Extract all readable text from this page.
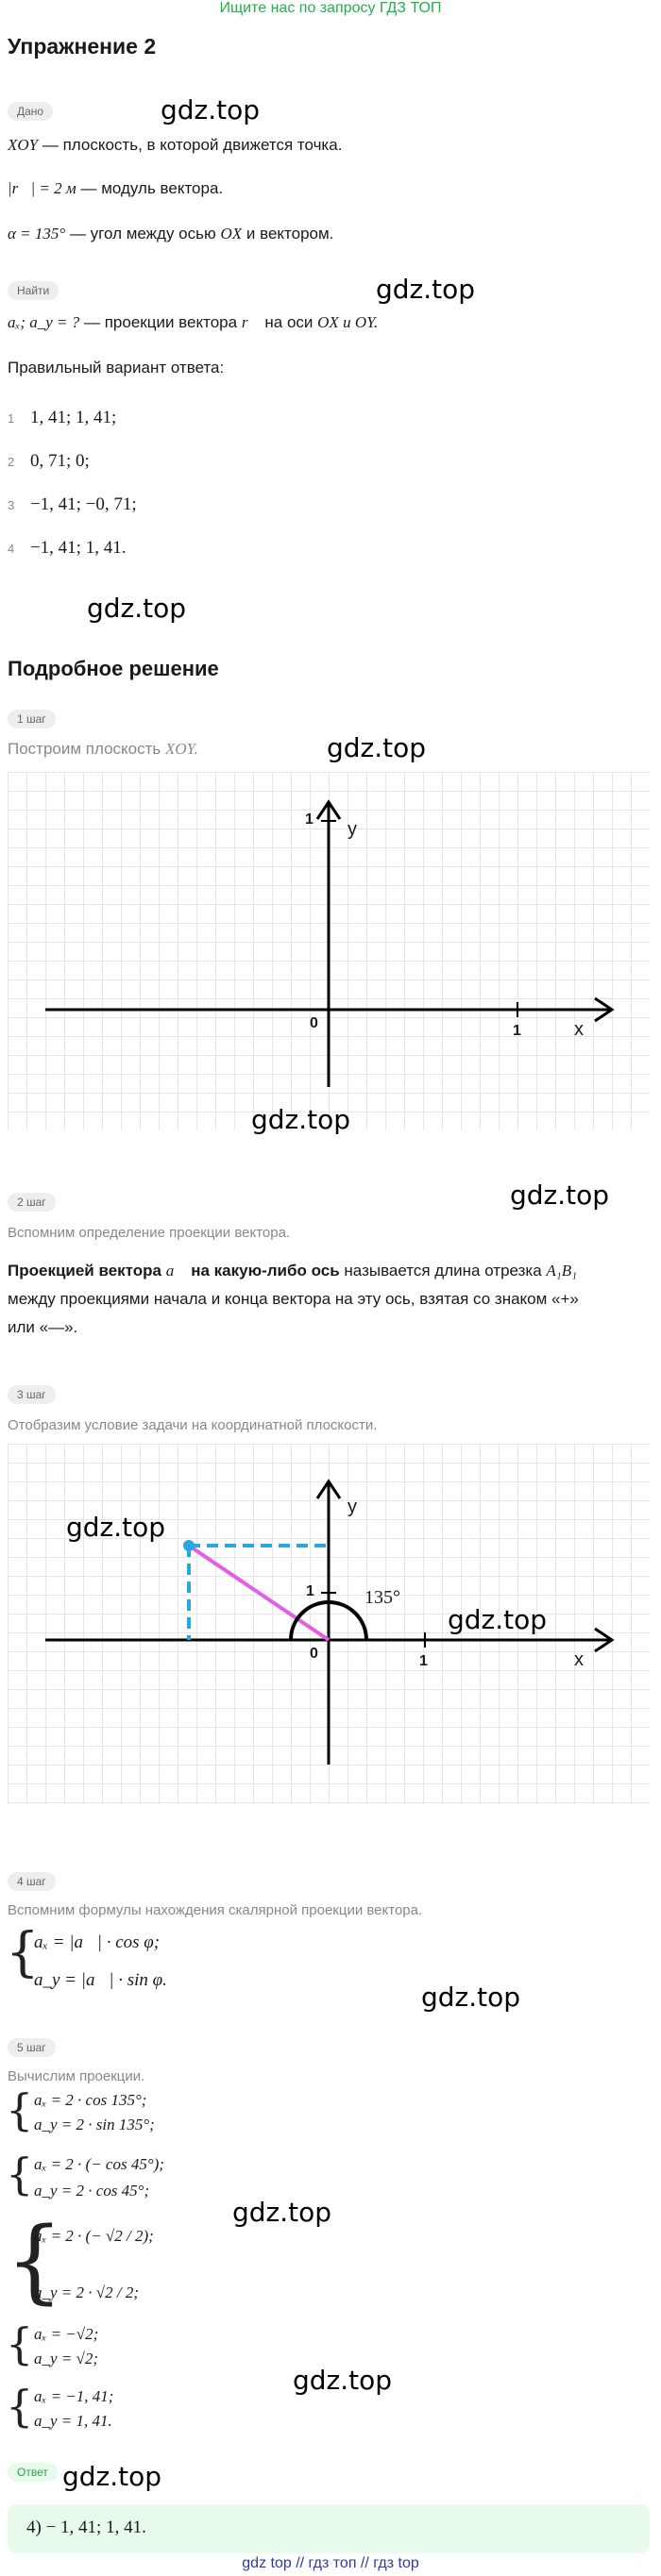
Ищите нас по запросу ГДЗ ТОП
Упражнение 2
Дано	gdz.top
XOY — плоскость, в которой движется точка.
|r⃗| = 2 м — модуль вектора.
α = 135° — угол между осью OX и вектором.
Найти	gdz.top
aₓ; a_y = ? — проекции вектора r⃗ на оси OX и OY.
Правильный вариант ответа:
1 1, 41; 1, 41;
2 0, 71; 0;
3 −1, 41; −0, 71;
4 −1, 41; 1, 41.
gdz.top
Подробное решение
1 шаг
Построим плоскость XOY.	gdz.top
y
x
1
1
0
gdz.top
2 шаг	gdz.top
Вспомним определение проекции вектора.
Проекцией вектора a⃗ на какую-либо ось называется длина отрезка A₁B₁
между проекциями начала и конца вектора на эту ось, взятая со знаком «+»
или «—».
3 шаг
Отобразим условие задачи на координатной плоскости.
y
x
1
1
0
135°
gdz.top
gdz.top
4 шаг
Вспомним формулы нахождения скалярной проекции вектора.
{
aₓ = |a⃗| · cos φ;
a_y = |a⃗| · sin φ.
gdz.top
5 шаг
Вычислим проекции.
{ aₓ = 2 · cos 135°;
a_y = 2 · sin 135°;
{ aₓ = 2 · (− cos 45°);
a_y = 2 · cos 45°;
{
aₓ = 2 · (− √2 / 2);
a_y = 2 · √2 / 2;
gdz.top
{ aₓ = −√2;
a_y = √2;
gdz.top
{ aₓ = −1, 41;
a_y = 1, 41.
Ответ gdz.top
4) − 1, 41; 1, 41.
gdz top // гдз топ // гдз top
